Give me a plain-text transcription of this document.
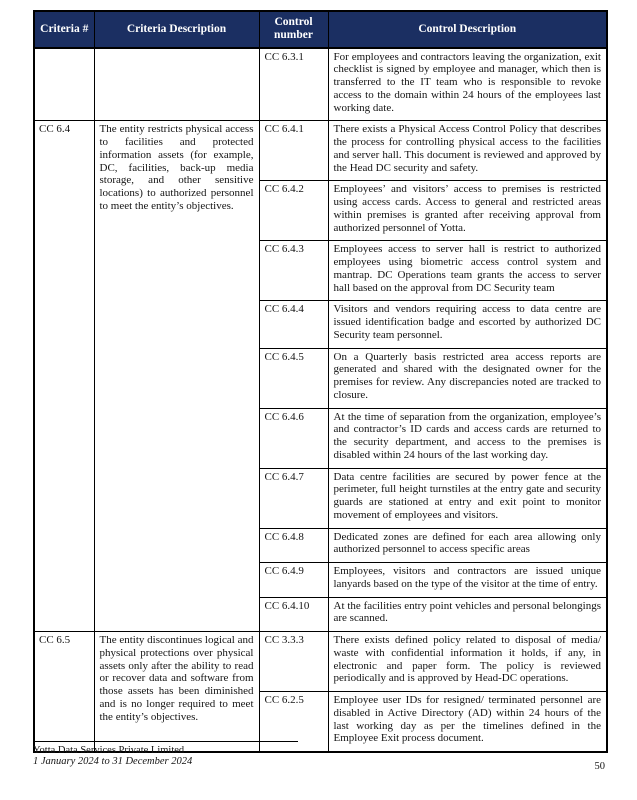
Criteria #	Criteria Description	Control number	Control Description
		CC 6.3.1	For employees and contractors leaving the organization, exit checklist is signed by employee and manager, which then is transferred to the IT team who is responsible to revoke access to the domain within 24 hours of the employees last working date.
CC 6.4	The entity restricts physical access to facilities and protected information assets (for example, DC, facilities, back-up media storage, and other sensitive locations) to authorized personnel to meet the entity’s objectives.	CC 6.4.1	There exists a Physical Access Control Policy that describes the process for controlling physical access to the facilities and server hall. This document is reviewed and approved by the Head DC security and safety.
		CC 6.4.2	Employees’ and visitors’ access to premises is restricted using access cards. Access to general and restricted areas within premises is granted after receiving approval from authorized personnel of Yotta.
		CC 6.4.3	Employees access to server hall is restrict to authorized employees using biometric access control system and mantrap. DC Operations team grants the access to server hall based on the approval from DC Security team
		CC 6.4.4	Visitors and vendors requiring access to data centre are issued identification badge and escorted by authorized DC Security team personnel.
		CC 6.4.5	On a Quarterly basis restricted area access reports are generated and shared with the designated owner for the premises for review. Any discrepancies noted are tracked to closure.
		CC 6.4.6	At the time of separation from the organization, employee’s and contractor’s ID cards and access cards are returned to the security department, and access to the premises is disabled within 24 hours of the last working day.
		CC 6.4.7	Data centre facilities are secured by power fence at the perimeter, full height turnstiles at the entry gate and security guards are stationed at entry and exit point to monitor movement of employees and visitors.
		CC 6.4.8	Dedicated zones are defined for each area allowing only authorized personnel to access specific areas
		CC 6.4.9	Employees, visitors and contractors are issued unique lanyards based on the type of the visitor at the time of entry.
		CC 6.4.10	At the facilities entry point vehicles and personal belongings are scanned.
CC 6.5	The entity discontinues logical and physical protections over physical assets only after the ability to read or recover data and software from those assets has been diminished and is no longer required to meet the entity’s objectives.	CC 3.3.3	There exists defined policy related to disposal of media/ waste with confidential information it holds, if any, in electronic and paper form. The policy is reviewed periodically and is approved by Head-DC operations.
		CC 6.2.5	Employee user IDs for resigned/ terminated personnel are disabled in Active Directory (AD) within 24 hours of the last working day as per the timelines defined in the Employee Exit process document.
Yotta Data Services Private Limited
1 January 2024 to 31 December 2024	50
